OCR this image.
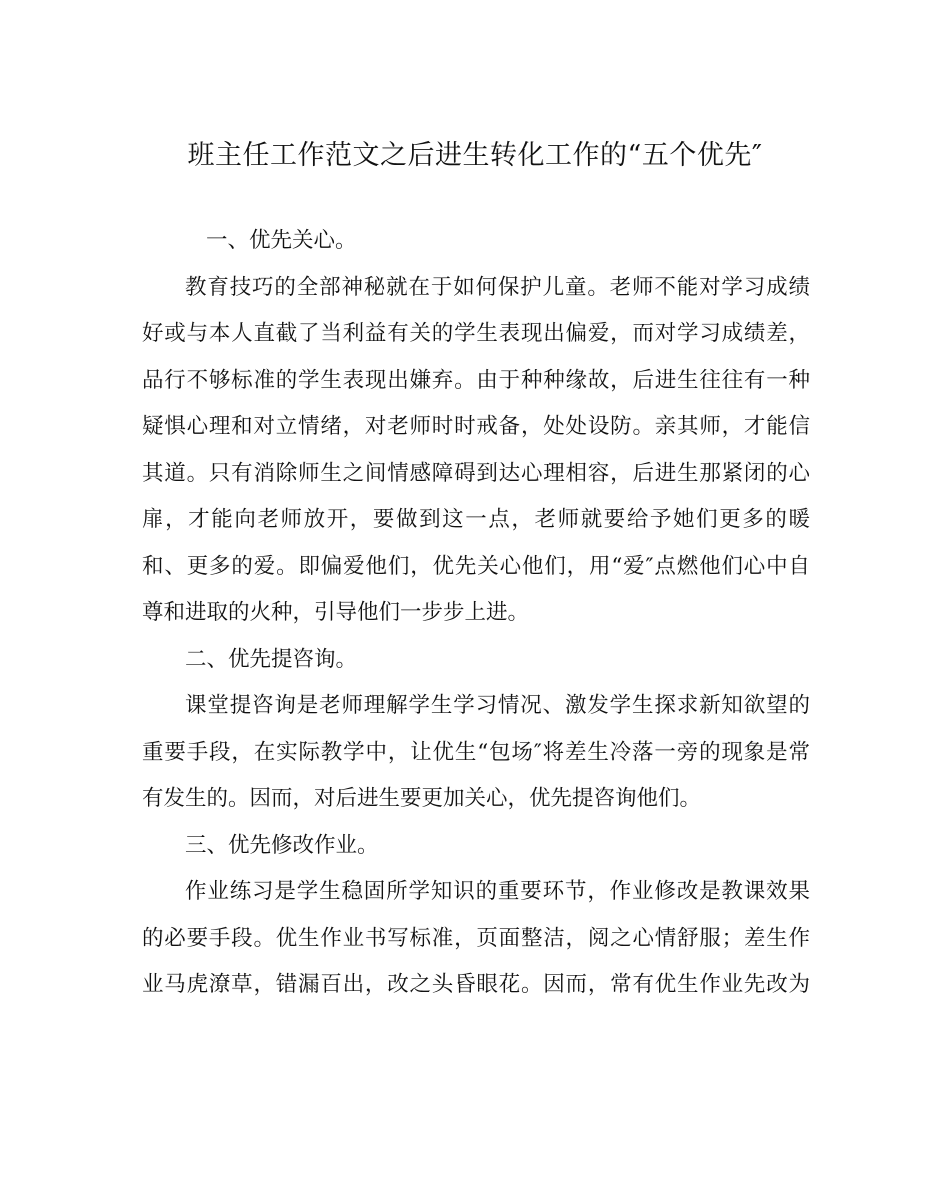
班主任工作范文之后进生转化工作的“五个优先″
一、优先关心。
教育技巧的全部神秘就在于如何保护儿童。老师不能对学习成绩
好或与本人直截了当利益有关的学生表现出偏爱，而对学习成绩差，
品行不够标准的学生表现出嫌弃。由于种种缘故，后进生往往有一种
疑惧心理和对立情绪，对老师时时戒备，处处设防。亲其师，才能信
其道。只有消除师生之间情感障碍到达心理相容，后进生那紧闭的心
扉，才能向老师放开，要做到这一点，老师就要给予她们更多的暖
和、更多的爱。即偏爱他们，优先关心他们，用“爱″点燃他们心中自
尊和进取的火种，引导他们一步步上进。
二、优先提咨询。
课堂提咨询是老师理解学生学习情况、激发学生探求新知欲望的
重要手段，在实际教学中，让优生“包场″将差生冷落一旁的现象是常
有发生的。因而，对后进生要更加关心，优先提咨询他们。
三、优先修改作业。
作业练习是学生稳固所学知识的重要环节，作业修改是教课效果
的必要手段。优生作业书写标准，页面整洁，阅之心情舒服；差生作
业马虎潦草，错漏百出，改之头昏眼花。因而，常有优生作业先改为
